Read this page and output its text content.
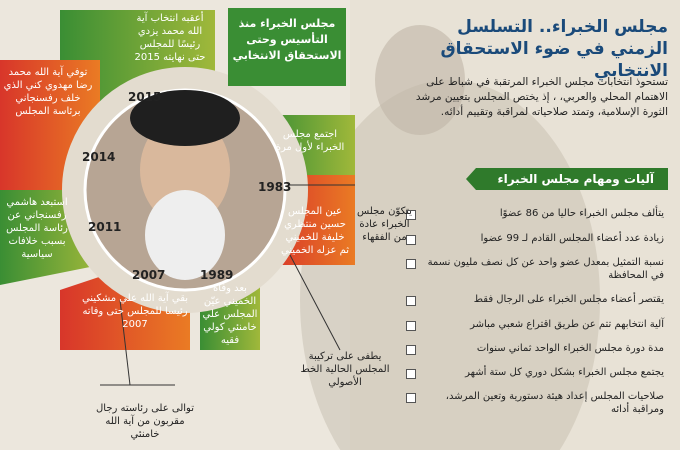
مجلس الخبراء.. التسلسل الزمني في ضوء الاستحقاق الانتخابي
تستحوذ انتخابات مجلس الخبراء المرتقبة في شباط على الاهتمام المحلي والعربي، ، إذ يختص المجلس بتعيين مرشد الثورة الإسلامية، وتمتد صلاحياته لمراقبة وتقييم أدائه.
آليات ومهام مجلس الخبراء
يتألف مجلس الخبراء حاليا من 86 عضوًا
زيادة عدد أعضاء المجلس القادم لـ 99 عضوا
نسبة التمثيل بمعدل عضو واحد عن كل نصف مليون نسمة في المحافظة
يقتصر أعضاء مجلس الخبراء على الرجال فقط
آلية انتخابهم تتم عن طريق اقتراع شعبي مباشر
مدة دورة مجلس الخبراء الواحد ثماني سنوات
يجتمع مجلس الخبراء بشكل دوري كل ستة أشهر
صلاحيات المجلس إعداد هيئة دستورية وتعين المرشد، ومراقبة أدائه
مجلس الخبراء منذ التأسيس وحتى الاستحقاق الانتخابي
أعقبه انتخاب آية الله محمد يزدي رئيسًا للمجلس حتى نهايته 2015
توفي آية الله محمد رضا مهدوي كني الذي خلف رفسنجاني برئاسة المجلس
استبعد هاشمي رفسنجاني عن رئاسة المجلس بسبب خلافات سياسية
بقي آية الله علي مشكيني رئيسا للمجلس حتى وفاته 2007
بعد وفاة الخميني عيّن المجلس علي خامنئي كولي فقيه
عين المجلس حسين منتظري خليفة للخميني ثم عزله الخميني
اجتمع مجلس الخبراء لأول مرة
2015
2014
2011
2007	1989
1983
يتكوّن مجلس الخبراء عادة من الفقهاء
يطفى على تركيبة المجلس الحالية الخط الأصولي
توالى على رئاسته رجال مقربون من آية الله خامنئي
